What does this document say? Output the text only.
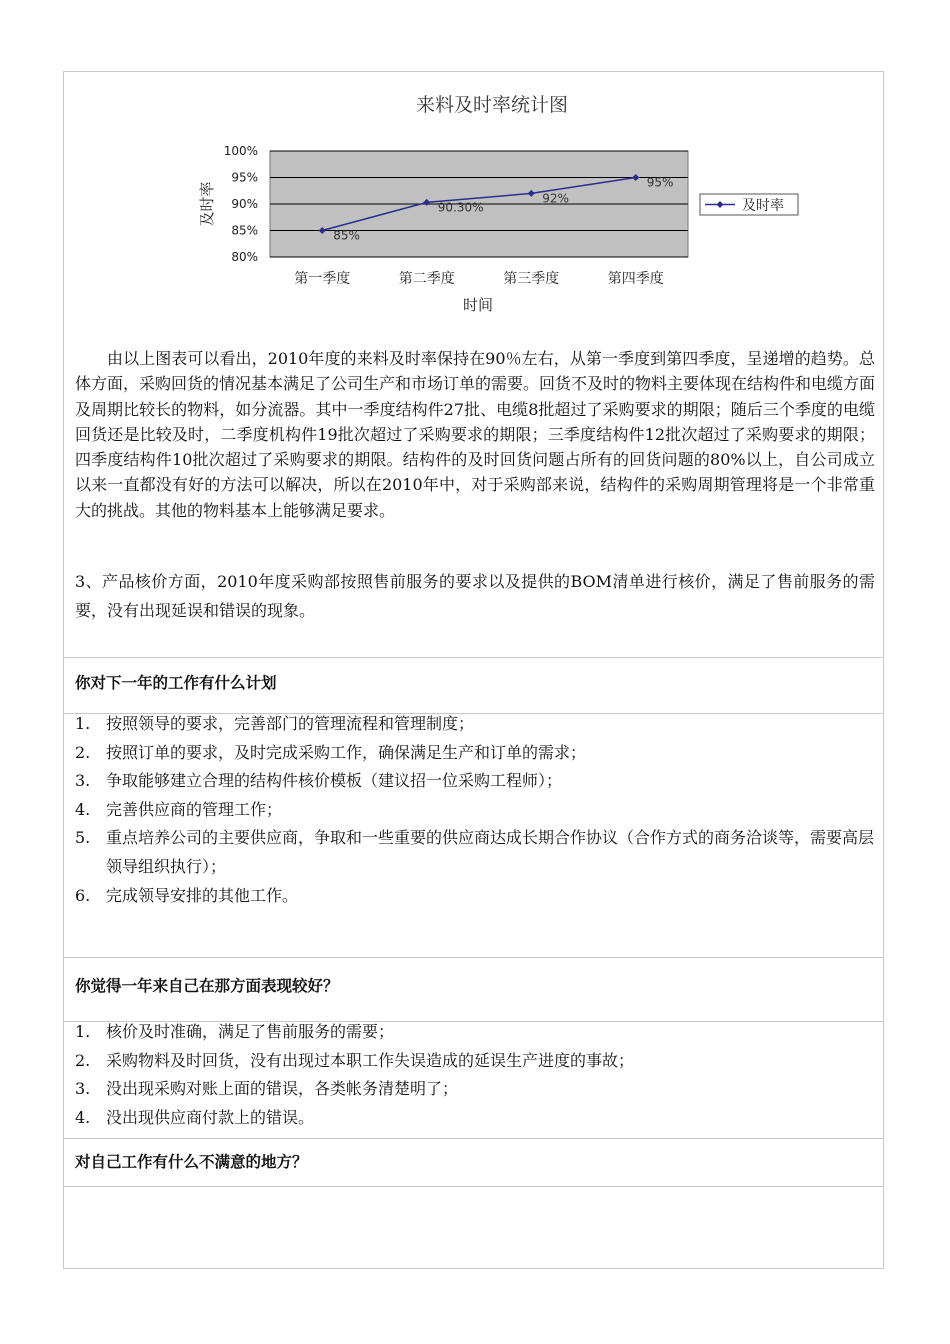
来料及时率统计图
80%
85%
90%
95%
100%
第一季度	第二季度	第三季度	第四季度
85%
90.30%
92%
95%
及时率
时间
及时率

由以上图表可以看出，2010年度的来料及时率保持在90％左右，从第一季度到第四季度，呈递增的趋势。总体方面，采购回货的情况基本满足了公司生产和市场订单的需要。回货不及时的物料主要体现在结构件和电缆方面及周期比较长的物料，如分流器。其中一季度结构件27批、电缆8批超过了采购要求的期限；随后三个季度的电缆回货还是比较及时，二季度机构件19批次超过了采购要求的期限；三季度结构件12批次超过了采购要求的期限；四季度结构件10批次超过了采购要求的期限。结构件的及时回货问题占所有的回货问题的80%以上，自公司成立以来一直都没有好的方法可以解决，所以在2010年中，对于采购部来说，结构件的采购周期管理将是一个非常重大的挑战。其他的物料基本上能够满足要求。

3、产品核价方面，2010年度采购部按照售前服务的要求以及提供的BOM清单进行核价，满足了售前服务的需要，没有出现延误和错误的现象。

你对下一年的工作有什么计划
1. 按照领导的要求，完善部门的管理流程和管理制度；
2. 按照订单的要求，及时完成采购工作，确保满足生产和订单的需求；
3. 争取能够建立合理的结构件核价模板（建议招一位采购工程师）；
4. 完善供应商的管理工作；
5. 重点培养公司的主要供应商，争取和一些重要的供应商达成长期合作协议（合作方式的商务洽谈等，需要高层领导组织执行）；
6. 完成领导安排的其他工作。
你觉得一年来自己在那方面表现较好？
1. 核价及时准确，满足了售前服务的需要；
2. 采购物料及时回货，没有出现过本职工作失误造成的延误生产进度的事故；
3. 没出现采购对账上面的错误，各类帐务清楚明了；
4. 没出现供应商付款上的错误。
对自己工作有什么不满意的地方？
